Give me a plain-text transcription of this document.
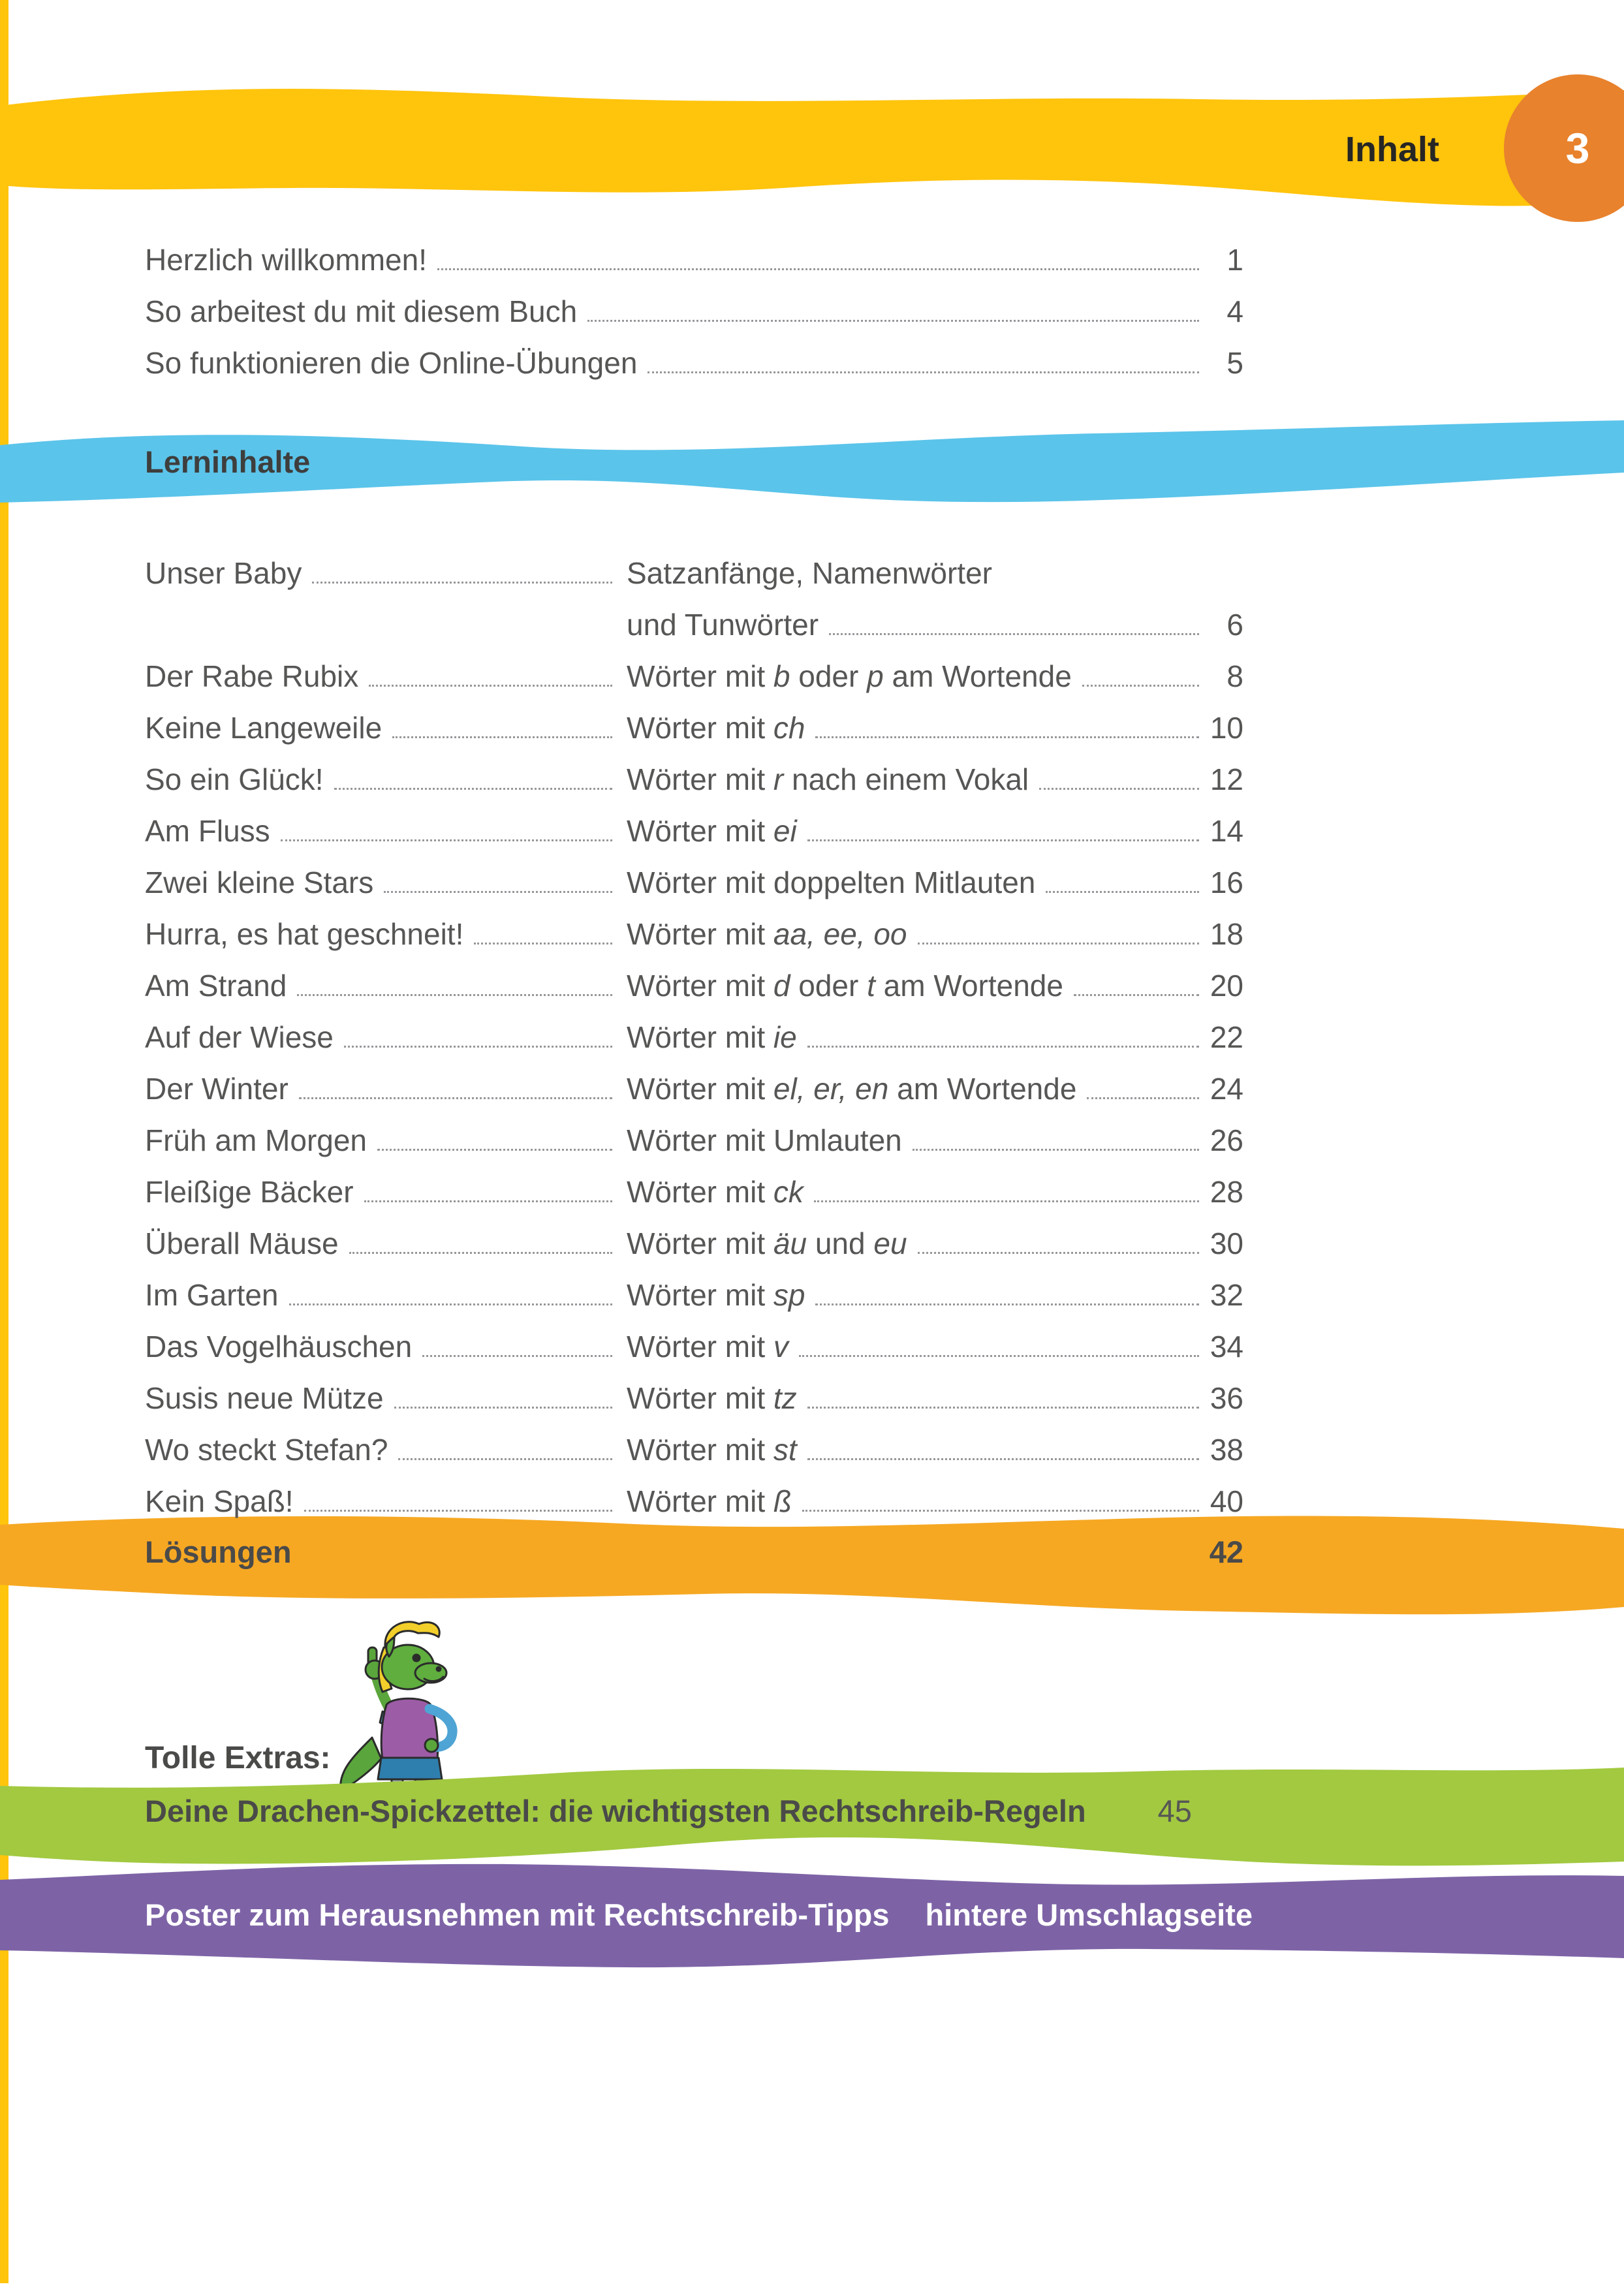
Inhalt	3
Herzlich willkommen!	1
So arbeitest du mit diesem Buch	4
So funktionieren die Online-Übungen	5
Lerninhalte
Unser Baby	Satzanfänge, Namenwörter
und Tunwörter	6
Der Rabe Rubix	Wörter mit b oder p am Wortende	8
Keine Langeweile	Wörter mit ch	10
So ein Glück!	Wörter mit r nach einem Vokal	12
Am Fluss	Wörter mit ei	14
Zwei kleine Stars	Wörter mit doppelten Mitlauten	16
Hurra, es hat geschneit!	Wörter mit aa, ee, oo	18
Am Strand	Wörter mit d oder t am Wortende	20
Auf der Wiese	Wörter mit ie	22
Der Winter	Wörter mit el, er, en am Wortende	24
Früh am Morgen	Wörter mit Umlauten	26
Fleißige Bäcker	Wörter mit ck	28
Überall Mäuse	Wörter mit äu und eu	30
Im Garten	Wörter mit sp	32
Das Vogelhäuschen	Wörter mit v	34
Susis neue Mütze	Wörter mit tz	36
Wo steckt Stefan?	Wörter mit st	38
Kein Spaß!	Wörter mit ß	40
Lösungen	42
Tolle Extras:
Deine Drachen-Spickzettel: die wichtigsten Rechtschreib-Regeln 45
Poster zum Herausnehmen mit Rechtschreib-Tipps hintere Umschlagseite
